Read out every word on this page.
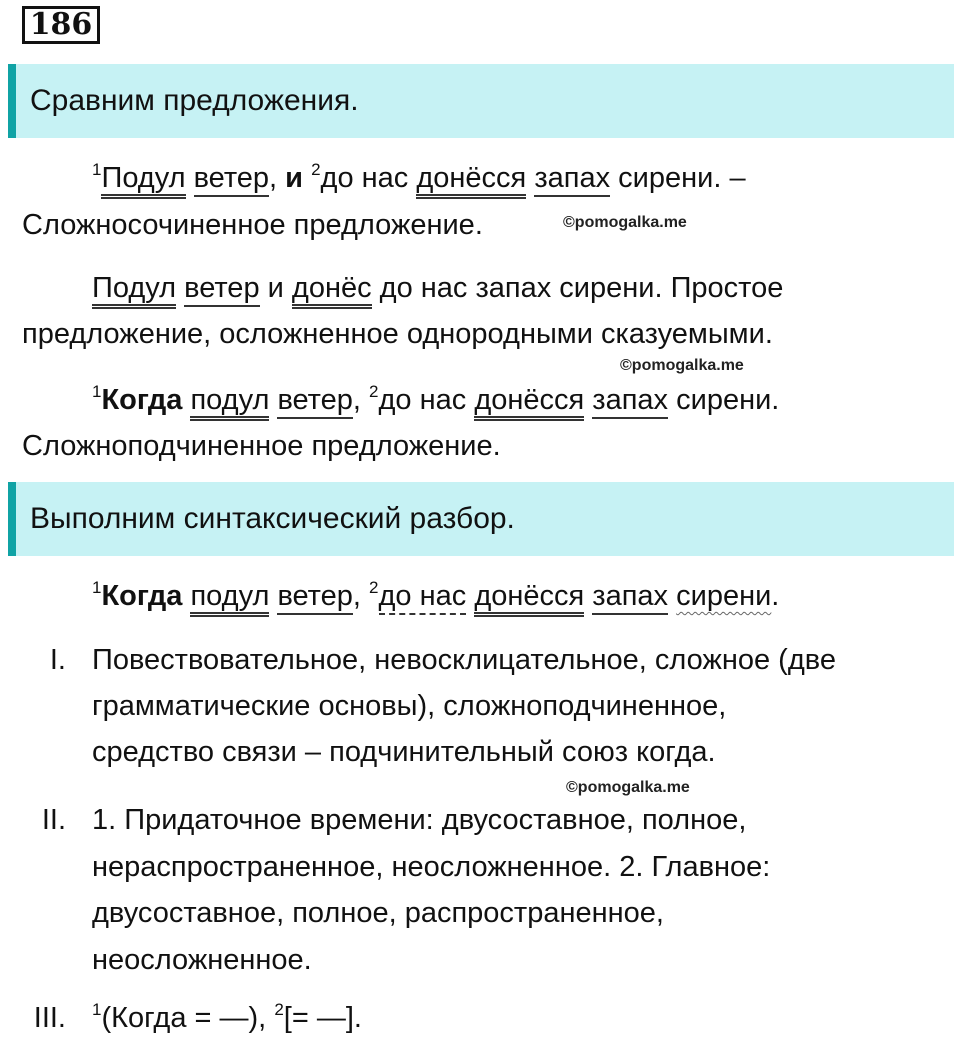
186
Сравним предложения.
$^1$Подул ветер, и $^2$до нас донёсся запах сирени. –
Сложносочиненное предложение.	©pomogalka.me
Подул ветер и донёс до нас запах сирени. Простое
предложение, осложненное однородными сказуемыми.
©pomogalka.me
$^1$Когда подул ветер, $^2$до нас донёсся запах сирени.
Сложноподчиненное предложение.
Выполним синтаксический разбор.
$^1$Когда подул ветер, $^2$до нас донёсся запах сирени.
I. Повествовательное, невосклицательное, сложное (две
грамматические основы), сложноподчиненное,
средство связи – подчинительный союз когда.
©pomogalka.me
II. 1. Придаточное времени: двусоставное, полное,
нераспространенное, неосложненное. 2. Главное:
двусоставное, полное, распространенное,
неосложненное.
III. $^1$(Когда = —), $^2$[= —].
